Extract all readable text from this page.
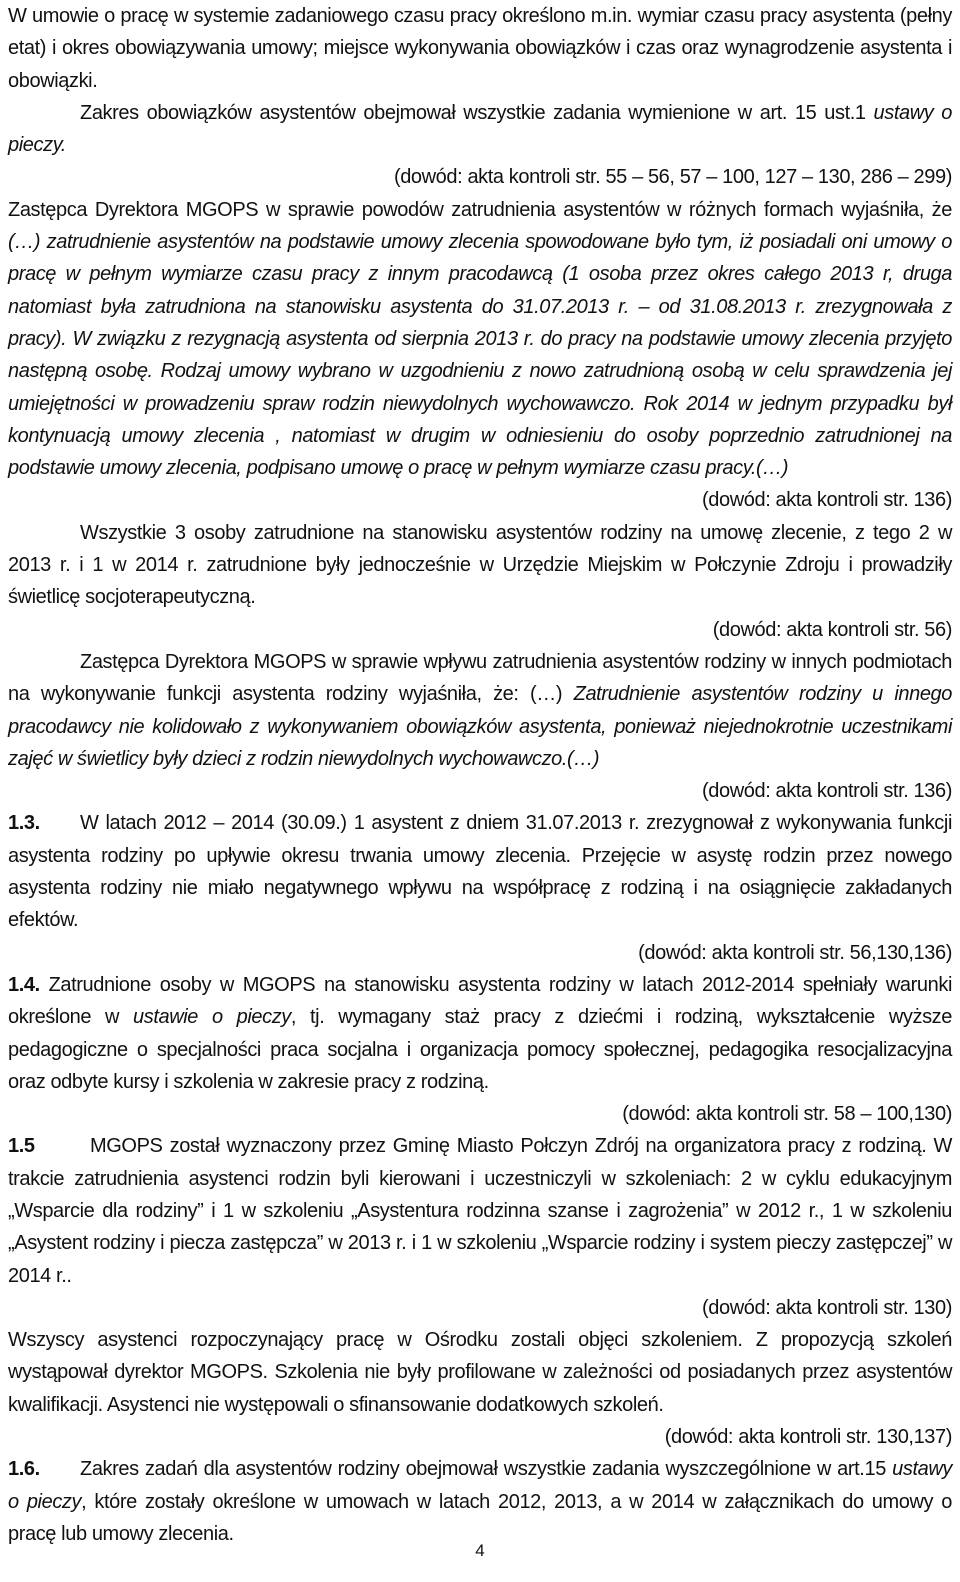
W umowie o pracę w systemie zadaniowego czasu pracy określono m.in. wymiar czasu pracy asystenta (pełny etat) i okres obowiązywania umowy; miejsce wykonywania obowiązków i czas oraz wynagrodzenie asystenta i obowiązki.

Zakres obowiązków asystentów obejmował wszystkie zadania wymienione w art. 15 ust.1 ustawy o pieczy.

(dowód: akta kontroli str. 55 – 56, 57 – 100, 127 – 130, 286 – 299)

Zastępca Dyrektora MGOPS w sprawie powodów zatrudnienia asystentów w różnych formach wyjaśniła, że (…) zatrudnienie asystentów na podstawie umowy zlecenia spowodowane było tym, iż posiadali oni umowy o pracę w pełnym wymiarze czasu pracy z innym pracodawcą (1 osoba przez okres całego 2013 r, druga natomiast była zatrudniona na stanowisku asystenta do 31.07.2013 r. – od 31.08.2013 r. zrezygnowała z pracy). W związku z rezygnacją asystenta od sierpnia 2013 r. do pracy na podstawie umowy zlecenia przyjęto następną osobę. Rodzaj umowy wybrano w uzgodnieniu z nowo zatrudnioną osobą w celu sprawdzenia jej umiejętności w prowadzeniu spraw rodzin niewydolnych wychowawczo. Rok 2014 w jednym przypadku był kontynuacją umowy zlecenia , natomiast w drugim w odniesieniu do osoby poprzednio zatrudnionej na podstawie umowy zlecenia, podpisano umowę o pracę w pełnym wymiarze czasu pracy.(…)

(dowód: akta kontroli str. 136)

Wszystkie 3 osoby zatrudnione na stanowisku asystentów rodziny na umowę zlecenie, z tego 2 w 2013 r. i 1 w 2014 r. zatrudnione były jednocześnie w Urzędzie Miejskim w Połczynie Zdroju i prowadziły świetlicę socjoterapeutyczną.

(dowód: akta kontroli str. 56)

Zastępca Dyrektora MGOPS w sprawie wpływu zatrudnienia asystentów rodziny w innych podmiotach na wykonywanie funkcji asystenta rodziny wyjaśniła, że: (…) Zatrudnienie asystentów rodziny u innego pracodawcy nie kolidowało z wykonywaniem obowiązków asystenta, ponieważ niejednokrotnie uczestnikami zajęć w świetlicy były dzieci z rodzin niewydolnych wychowawczo.(…)

(dowód: akta kontroli str. 136)

1.3. W latach 2012 – 2014 (30.09.) 1 asystent z dniem 31.07.2013 r. zrezygnował z wykonywania funkcji asystenta rodziny po upływie okresu trwania umowy zlecenia. Przejęcie w asystę rodzin przez nowego asystenta rodziny nie miało negatywnego wpływu na współpracę z rodziną i na osiągnięcie zakładanych efektów.

(dowód: akta kontroli str. 56,130,136)

1.4. Zatrudnione osoby w MGOPS na stanowisku asystenta rodziny w latach 2012-2014 spełniały warunki określone w ustawie o pieczy, tj. wymagany staż pracy z dziećmi i rodziną, wykształcenie wyższe pedagogiczne o specjalności praca socjalna i organizacja pomocy społecznej, pedagogika resocjalizacyjna oraz odbyte kursy i szkolenia w zakresie pracy z rodziną.

(dowód: akta kontroli str. 58 – 100,130)

1.5	MGOPS został wyznaczony przez Gminę Miasto Połczyn Zdrój na organizatora pracy z rodziną. W trakcie zatrudnienia asystenci rodzin byli kierowani i uczestniczyli w szkoleniach: 2 w cyklu edukacyjnym „Wsparcie dla rodziny” i 1 w szkoleniu „Asystentura rodzinna szanse i zagrożenia” w 2012 r., 1 w szkoleniu „Asystent rodziny i piecza zastępcza” w 2013 r. i 1 w szkoleniu „Wsparcie rodziny i system pieczy zastępczej” w 2014 r..

(dowód: akta kontroli str. 130)

Wszyscy asystenci rozpoczynający pracę w Ośrodku zostali objęci szkoleniem. Z propozycją szkoleń wystąpował dyrektor MGOPS. Szkolenia nie były profilowane w zależności od posiadanych przez asystentów kwalifikacji. Asystenci nie występowali o sfinansowanie dodatkowych szkoleń.

(dowód: akta kontroli str. 130,137)

1.6. Zakres zadań dla asystentów rodziny obejmował wszystkie zadania wyszczególnione w art.15 ustawy o pieczy, które zostały określone w umowach w latach 2012, 2013, a w 2014 w załącznikach do umowy o pracę lub umowy zlecenia.

4
